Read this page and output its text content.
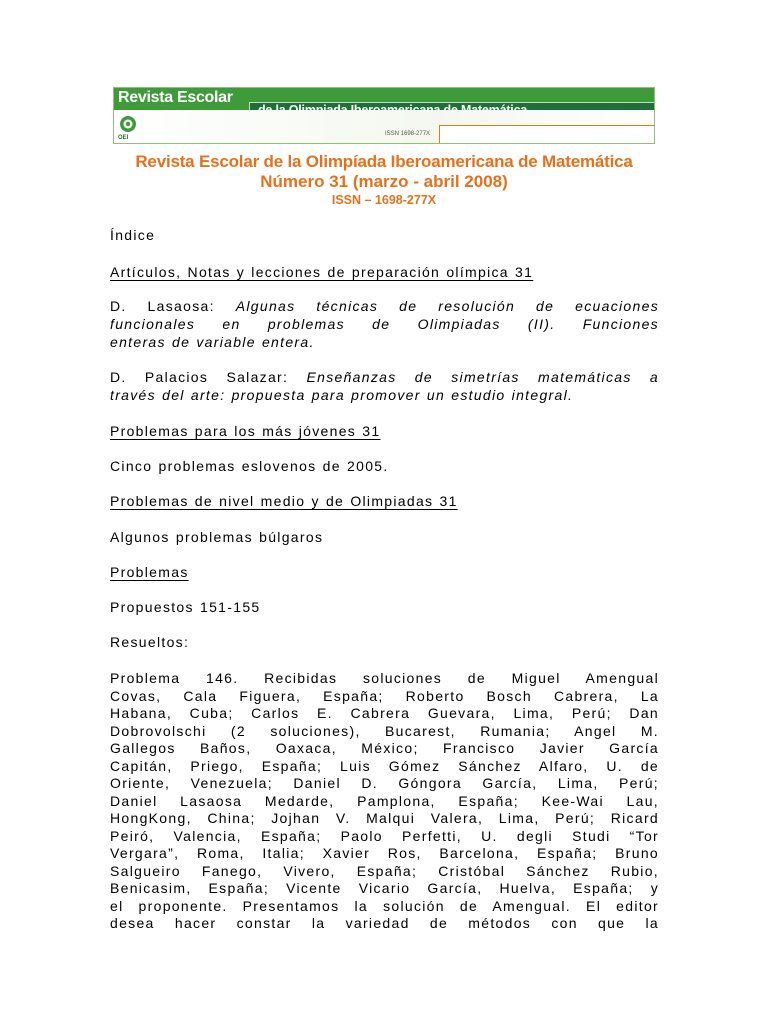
Revista Escolar
ISSN 1698-277X
OEI
Revista Escolar de la Olimpíada Iberoamericana de Matemática
Número 31 (marzo - abril 2008)
ISSN – 1698-277X

Índice

Artículos, Notas y lecciones de preparación olímpica 31

D. Lasaosa: Algunas técnicas de resolución de ecuaciones

funcionales en problemas de Olimpiadas (II). Funciones

enteras de variable entera.

D. Palacios Salazar: Enseñanzas de simetrías matemáticas a

través del arte: propuesta para promover un estudio integral.

Problemas para los más jóvenes 31

Cinco problemas eslovenos de 2005.

Problemas de nivel medio y de Olimpiadas 31

Algunos problemas búlgaros

Problemas

Propuestos 151-155

Resueltos:

Problema 146. Recibidas soluciones de Miguel Amengual

Covas, Cala Figuera, España; Roberto Bosch Cabrera, La

Habana, Cuba; Carlos E. Cabrera Guevara, Lima, Perú; Dan

Dobrovolschi (2 soluciones), Bucarest, Rumania; Angel M.

Gallegos Baños, Oaxaca, México; Francisco Javier García

Capitán, Priego, España; Luis Gómez Sánchez Alfaro, U. de

Oriente, Venezuela; Daniel D. Góngora García, Lima, Perú;

Daniel Lasaosa Medarde, Pamplona, España; Kee-Wai Lau,

HongKong, China; Jojhan V. Malqui Valera, Lima, Perú; Ricard

Peiró, Valencia, España; Paolo Perfetti, U. degli Studi “Tor

Vergara”, Roma, Italia; Xavier Ros, Barcelona, España; Bruno

Salgueiro Fanego, Vivero, España; Cristóbal Sánchez Rubio,

Benicasim, España; Vicente Vicario García, Huelva, España; y

el proponente. Presentamos la solución de Amengual. El editor

desea hacer constar la variedad de métodos con que la
